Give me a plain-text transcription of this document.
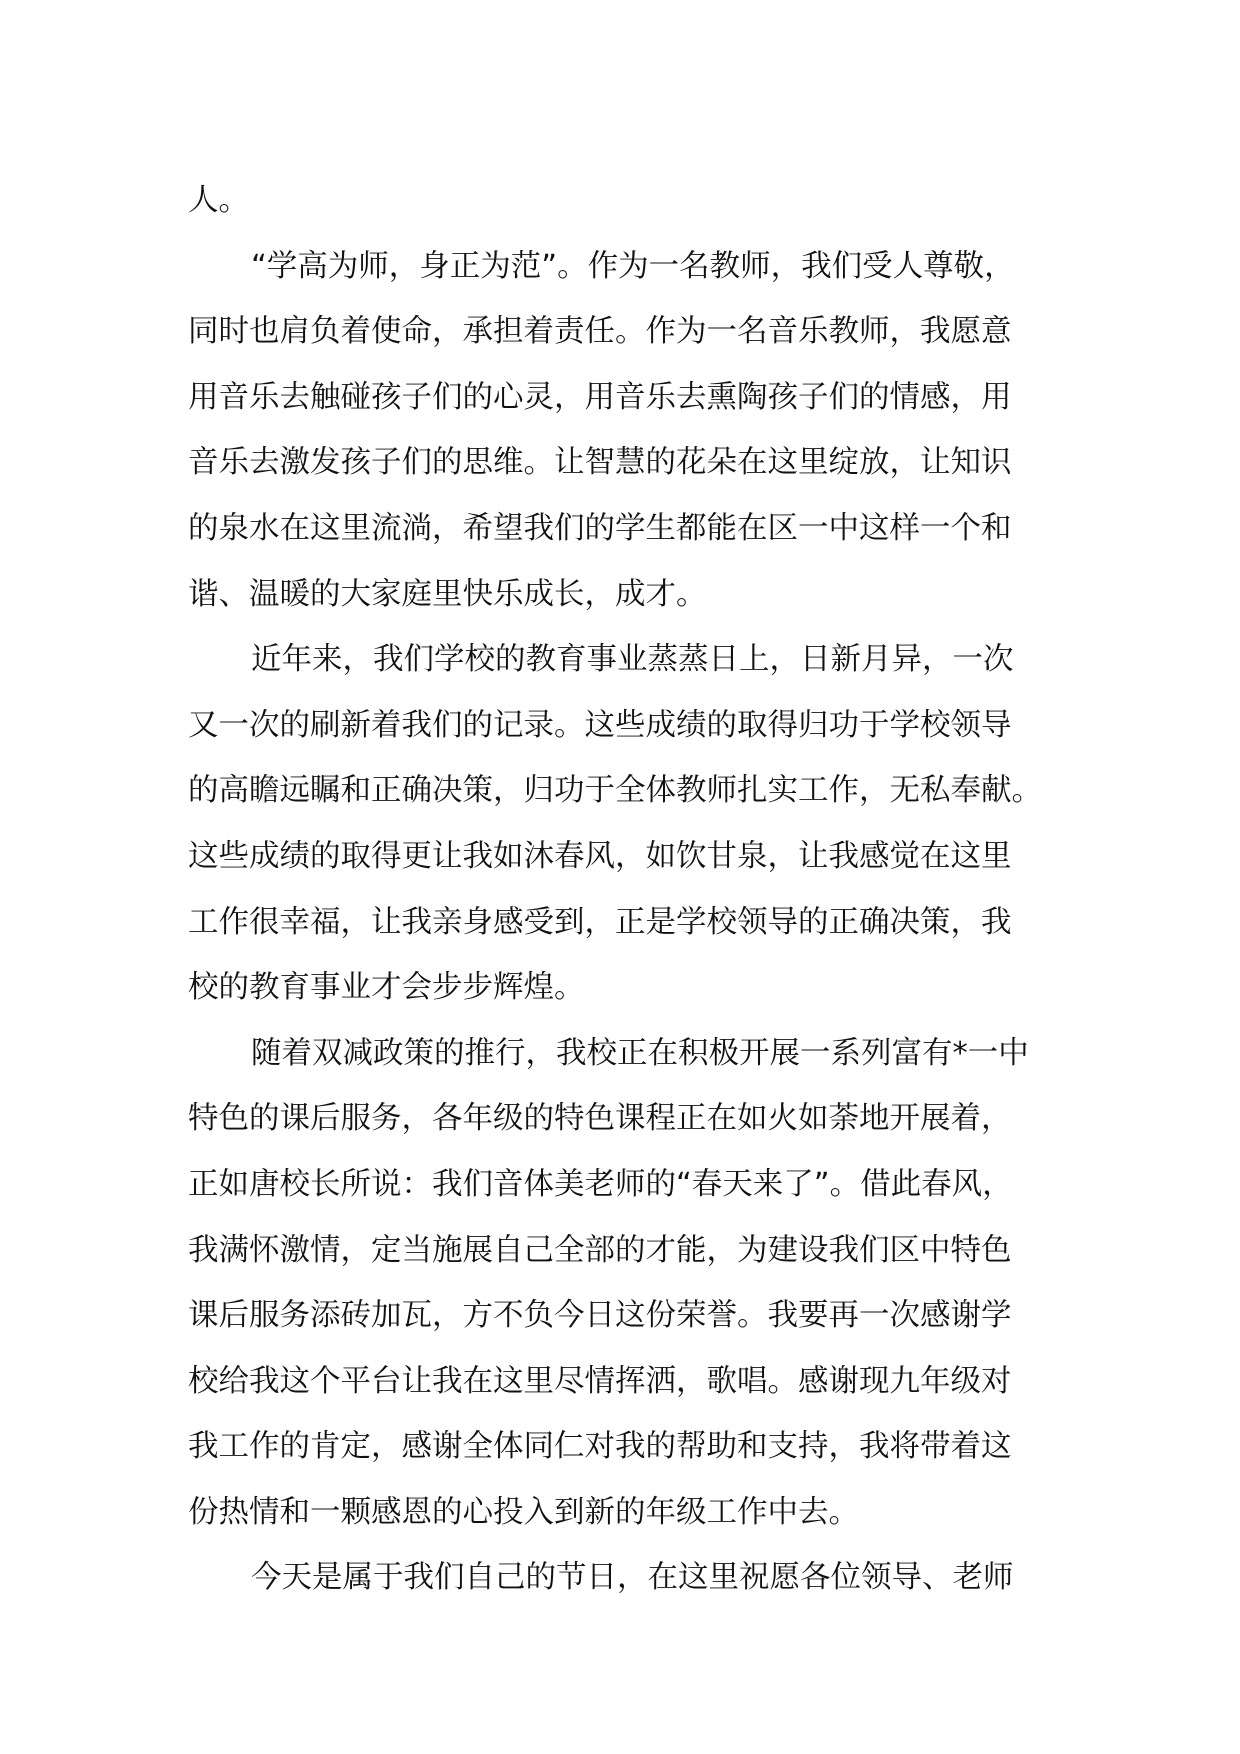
人。
“学高为师，身正为范”。作为一名教师，我们受人尊敬，
同时也肩负着使命，承担着责任。作为一名音乐教师，我愿意
用音乐去触碰孩子们的心灵，用音乐去熏陶孩子们的情感，用
音乐去激发孩子们的思维。让智慧的花朵在这里绽放，让知识
的泉水在这里流淌，希望我们的学生都能在区一中这样一个和
谐、温暖的大家庭里快乐成长，成才。
近年来，我们学校的教育事业蒸蒸日上，日新月异，一次
又一次的刷新着我们的记录。这些成绩的取得归功于学校领导
的高瞻远瞩和正确决策，归功于全体教师扎实工作，无私奉献。
这些成绩的取得更让我如沐春风，如饮甘泉，让我感觉在这里
工作很幸福，让我亲身感受到，正是学校领导的正确决策，我
校的教育事业才会步步辉煌。
随着双减政策的推行，我校正在积极开展一系列富有*一中
特色的课后服务，各年级的特色课程正在如火如荼地开展着，
正如唐校长所说：我们音体美老师的“春天来了”。借此春风，
我满怀激情，定当施展自己全部的才能，为建设我们区中特色
课后服务添砖加瓦，方不负今日这份荣誉。我要再一次感谢学
校给我这个平台让我在这里尽情挥洒，歌唱。感谢现九年级对
我工作的肯定，感谢全体同仁对我的帮助和支持，我将带着这
份热情和一颗感恩的心投入到新的年级工作中去。
今天是属于我们自己的节日，在这里祝愿各位领导、老师
